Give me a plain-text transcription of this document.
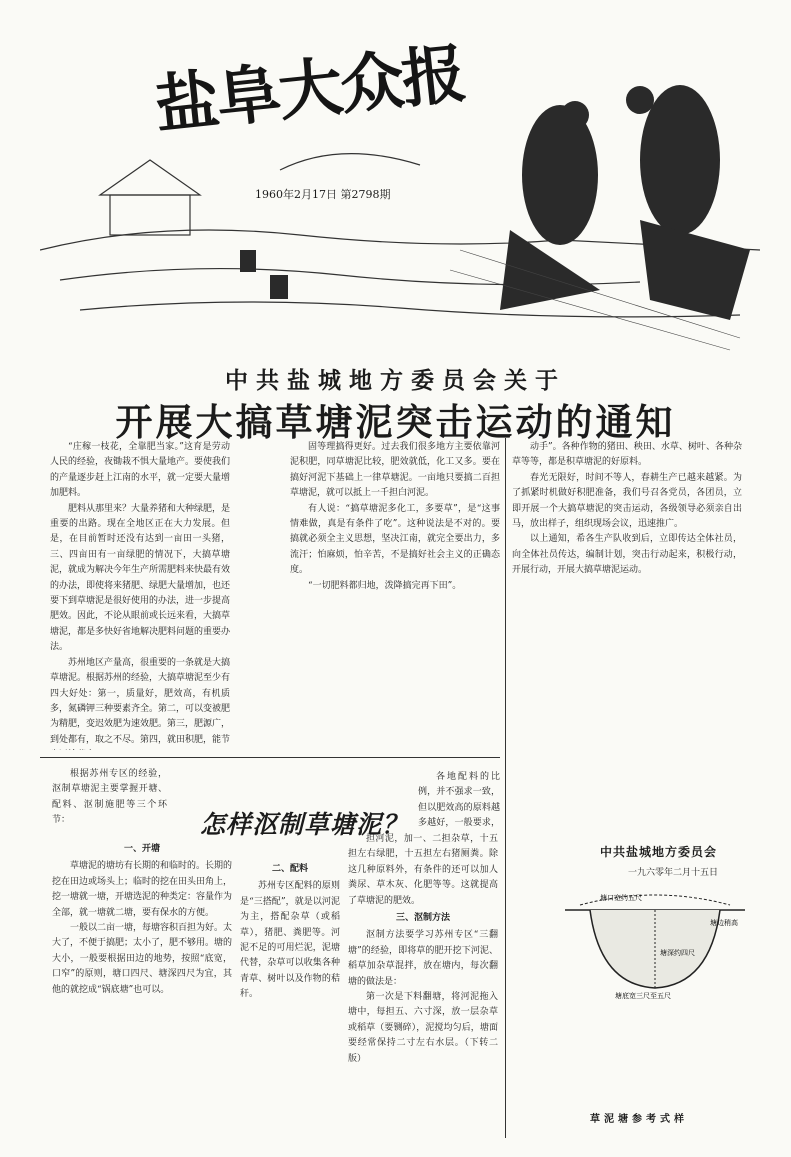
盐阜大众报
1960年2月17日 第2798期
中共盐城地方委员会关于
开展大搞草塘泥突击运动的通知

“庄稼一枝花，全靠肥当家。”这育是劳动人民的经验，夜锄栽不惧大量地产。要使我们的产量逐步赶上江南的水平，就一定要大量增加肥料。

肥料从那里来？大量养猪和大种绿肥，是重要的出路。现在全地区正在大力发展。但是，在目前暂时还没有达到一亩田一头猪，三、四亩田有一亩绿肥的情况下，大搞草塘泥，就成为解决今年生产所需肥料来快最有效的办法，即使将来猪肥、绿肥大量增加，也还要下到草塘泥是很好使用的办法，进一步提高肥效。因此，不论从眼前或长远来看，大搞草塘泥，都是多快好省地解决肥料问题的重要办法。

苏州地区产量高，很重要的一条就是大搞草塘泥。根据苏州的经验，大搞草塘泥至少有四大好处：第一，质量好，肥效高，有机质多，氮磷钾三种要素齐全。第二，可以变被肥为精肥，变迟效肥为速效肥。第三，肥源广，到处都有，取之不尽。第四，就田积肥，能节

固等理搞得更好。过去我们很多地方主要依靠河泥积肥，同草塘泥比较，肥效就低，化工又多。要在搞好河泥下基础上一律草塘泥。一亩地只要搞二百担草塘泥，就可以抵上一千担白河泥。

有人说：“搞草塘泥多化工，多要草”，是“这事情难做，真是有条件了吃”。这种说法是不对的。要搞就必须全主义思想，坚决江南，就完全要出力，多流汗；怕麻烦，怕辛苦，不是搞好社会主义的正确态度。

“一切肥料都归地，泼降搞完再下田”。

动手”。各种作物的猪田、秧田、水草、树叶、各种杂草等等，都是积草塘泥的好原料。

春光无限好，时间不等人，春耕生产已越来越紧。为了抓紧时机做好积肥准备，我们号召各党员，各团员，立即开展一个大搞草塘泥的突击运动，各级领导必须亲自出马，放出样子，组织现场会议，迅速推广。

以上通知，希各生产队收到后，立即传达全体社员，向全体社员传达，编制计划，突击行动起来，积极行动，开展行动，开展大搞草塘泥运动。

中共盐城地方委员会
一九六零年二月十五日

根据苏州专区的经验，沤制草塘泥主要掌握开塘、配料、沤制施肥等三个环节：	怎样沤制草塘泥？

各地配料的比例，并不强求一致，但以肥效高的原料越多越好，一般要求，

一、开塘

草塘泥的塘坊有长期的和临时的。长期的挖在田边或场头上；临时的挖在田头田角上，挖一塘就一塘，开塘选泥的种类定：容量作为全部，就一塘就二塘，要有保水的方便。

一般以二亩一塘，每塘容积百担为好。太大了，不便于搞肥；太小了，肥不够用。塘的大小，一般要根据田边的地势，按照“底宽，口窄”的原则，塘口四尺、塘深四尺为宜，其他的就挖成“锅底塘”也可以。

二、配料

苏州专区配料的原则是“三搭配”，就是以河泥为主，搭配杂草（或稻草），猪肥、粪肥等。河泥不足的可用烂泥，泥塘代替，杂草可以收集各种青草、树叶以及作物的秸秆。

担河泥，加一、二担杂草，十五担左右绿肥，十五担左右猪厕粪。除这几种原料外，有条件的还可以加人粪尿、草木灰、化肥等等。这就提高了草塘泥的肥效。

三、沤制方法

沤制方法要学习苏州专区“三翻塘”的经验，即将草的肥开挖下河泥、稻草加杂草混拌，放在塘内，每次翻塘的做法是：

第一次是下料翻塘，将河泥拖入塘中，每担五、六寸深，放一层杂草或稻草（要铡碎），泥搅均匀后，塘面要经常保持二寸左右水层。（下转二版）

塘口宽约五尺
塘边稍高
塘深约四尺
塘底宽三尺至五尺
草泥塘参考式样
